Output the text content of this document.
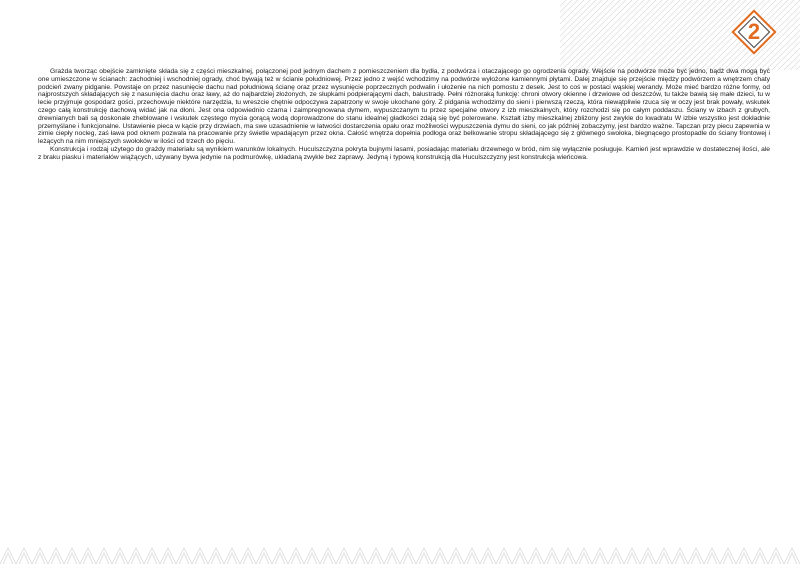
2

Grażda tworząc obejście zamknięte składa się z części mieszkalnej, połączonej pod jednym dachem z pomieszczeniem dla bydła, z podwórza i otaczającego go ogrodzenia ogrady. Wejście na podwórze może być jedno, bądź dwa mogą być one umieszczone w ścianach: zachodniej i wschodniej ogrady, choć bywają też w ścianie południowej. Przez jedno z wejść wchodzimy na podwórze wyłożone kamiennymi płytami. Dalej znajduje się przejście między podwórzem a wnętrzem chaty podcień zwany pidganie. Powstaje on przez nasunięcie dachu nad południową ścianę oraz przez wysunięcie poprzecznych podwalin i ułożenie na nich pomostu z desek. Jest to coś w postaci wąskiej werandy. Może mieć bardzo różne formy, od najprostszych składających się z nasunięcia dachu oraz ławy, aż do najbardziej złożonych, ze słupkami podpierającymi dach, balustradę. Pełni różnoraką funkcję: chroni otwory okienne i drzwiowe od deszczów, tu także bawią się małe dzieci, tu w lecie przyjmuje gospodarz gości, przechowuje niektóre narzędzia, tu wreszcie chętnie odpoczywa zapatrzony w swoje ukochane góry. Z pidgania wchodzimy do sieni i pierwszą rzeczą, która niewątpliwie rzuca się w oczy jest brak powały, wskutek czego całą konstrukcję dachową widać jak na dłoni. Jest ona odpowiednio czarna i zaimpregnowana dymem, wypuszczanym tu przez specjalne otwory z izb mieszkalnych, który rozchodzi się po całym poddaszu. Ściany w izbach z grubych, drewnianych bali są doskonale zheblowane i wskutek częstego mycia gorącą wodą doprowadzone do stanu idealnej gładkości zdają się być polerowane. Kształt izby mieszkalnej zbliżony jest zwykle do kwadratu W izbie wszystko jest dokładnie przemyślane i funkcjonalne. Ustawienie pieca w kącie przy drzwiach, ma swe uzasadnienie w łatwości dostarczenia opału oraz możliwości wypuszczenia dymu do sieni, co jak później zobaczymy, jest bardzo ważne. Tapczan przy piecu zapewnia w zimie ciepły nocleg, zaś ława pod oknem pozwala na pracowanie przy świetle wpadającym przez okna. Całość wnętrza dopełnia podłoga oraz belkowanie stropu składającego się z głównego swołoka, biegnącego prostopadle do ściany frontowej i leżących na nim mniejszych swołoków w ilości od trzech do pięciu.

Konstrukcja i rodzaj użytego do grażdy materiału są wynikiem warunków lokalnych. Huculszczyzna pokryta bujnymi lasami, posiadając materiału drzewnego w bród, nim się wyłącznie posługuje. Kamień jest wprawdzie w dostatecznej ilości, ale z braku piasku i materiałów wiążących, używany bywa jedynie na podmurówkę, układaną zwykle bez zaprawy. Jedyną i typową konstrukcją dla Huculszczyzny jest konstrukcja wieńcowa.
